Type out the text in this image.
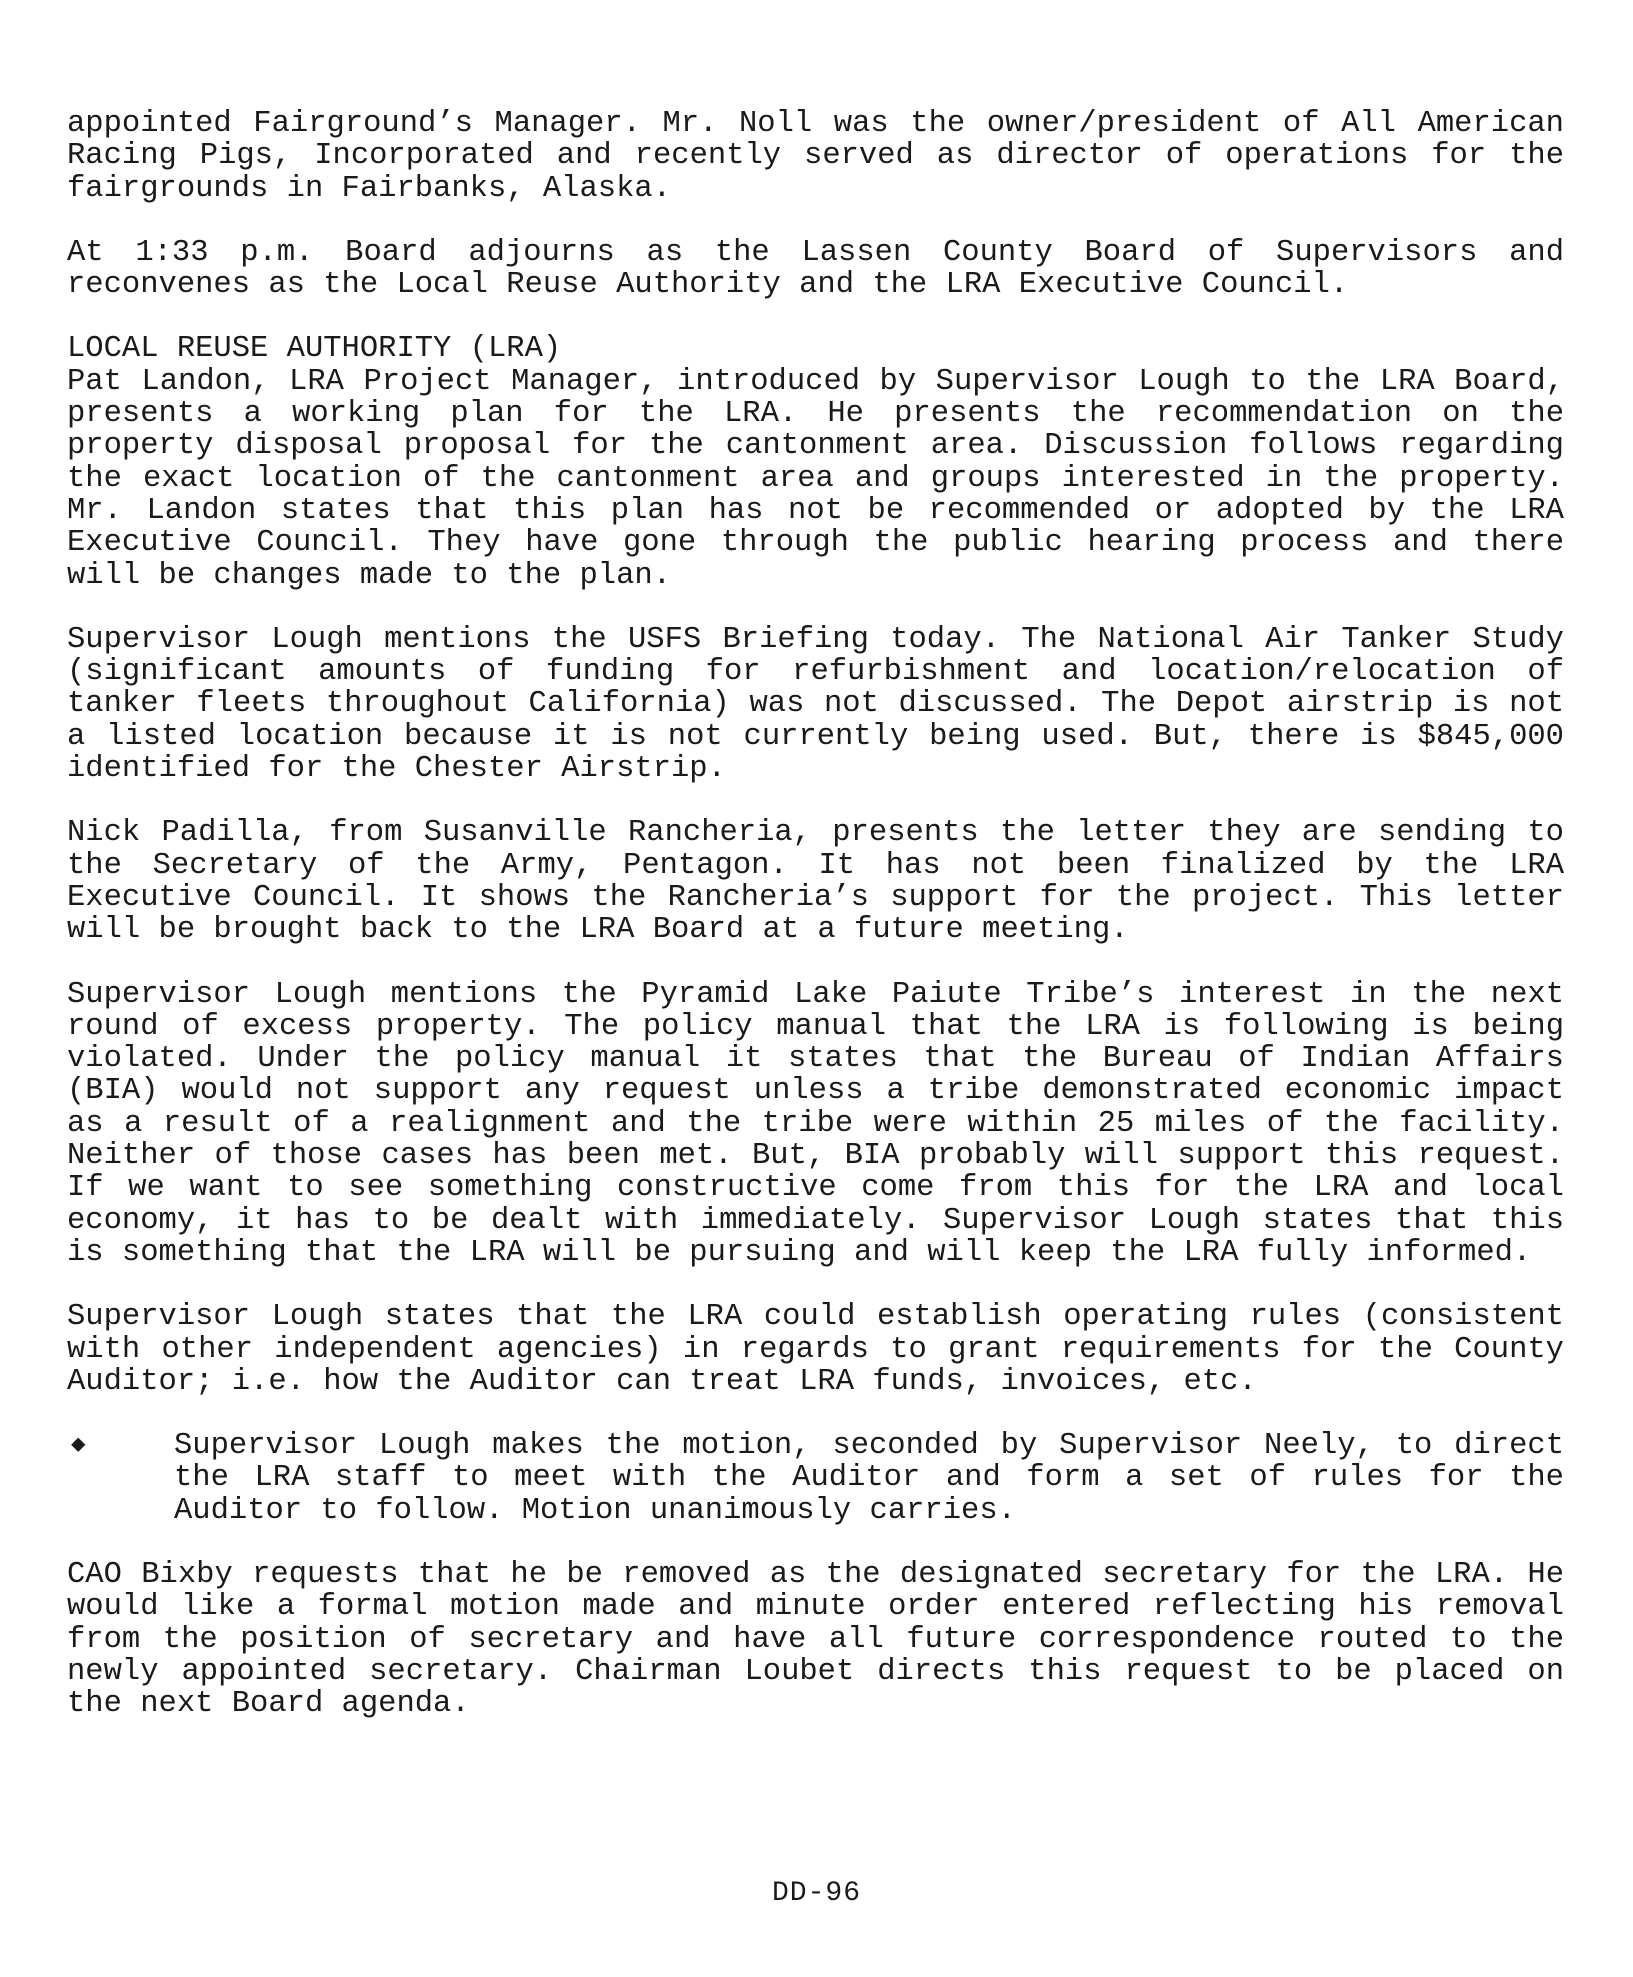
appointed Fairground’s Manager. Mr. Noll was the owner/president of All American Racing Pigs, Incorporated and recently served as director of operations for the fairgrounds in Fairbanks, Alaska.

At 1:33 p.m. Board adjourns as the Lassen County Board of Supervisors and reconvenes as the Local Reuse Authority and the LRA Executive Council.

LOCAL REUSE AUTHORITY (LRA)

Pat Landon, LRA Project Manager, introduced by Supervisor Lough to the LRA Board, presents a working plan for the LRA. He presents the recommendation on the property disposal proposal for the cantonment area. Discussion follows regarding the exact location of the cantonment area and groups interested in the property. Mr. Landon states that this plan has not be recommended or adopted by the LRA Executive Council. They have gone through the public hearing process and there will be changes made to the plan.

Supervisor Lough mentions the USFS Briefing today. The National Air Tanker Study (significant amounts of funding for refurbishment and location/relocation of tanker fleets throughout California) was not discussed. The Depot airstrip is not a listed location because it is not currently being used. But, there is $845,000 identified for the Chester Airstrip.

Nick Padilla, from Susanville Rancheria, presents the letter they are sending to the Secretary of the Army, Pentagon. It has not been finalized by the LRA Executive Council. It shows the Rancheria’s support for the project. This letter will be brought back to the LRA Board at a future meeting.

Supervisor Lough mentions the Pyramid Lake Paiute Tribe’s interest in the next round of excess property. The policy manual that the LRA is following is being violated. Under the policy manual it states that the Bureau of Indian Affairs (BIA) would not support any request unless a tribe demonstrated economic impact as a result of a realignment and the tribe were within 25 miles of the facility. Neither of those cases has been met. But, BIA probably will support this request. If we want to see something constructive come from this for the LRA and local economy, it has to be dealt with immediately. Supervisor Lough states that this is something that the LRA will be pursuing and will keep the LRA fully informed.

Supervisor Lough states that the LRA could establish operating rules (consistent with other independent agencies) in regards to grant requirements for the County Auditor; i.e. how the Auditor can treat LRA funds, invoices, etc.

◆	Supervisor Lough makes the motion, seconded by Supervisor Neely, to direct the LRA staff to meet with the Auditor and form a set of rules for the Auditor to follow. Motion unanimously carries.

CAO Bixby requests that he be removed as the designated secretary for the LRA. He would like a formal motion made and minute order entered reflecting his removal from the position of secretary and have all future correspondence routed to the newly appointed secretary. Chairman Loubet directs this request to be placed on the next Board agenda.

DD-96
